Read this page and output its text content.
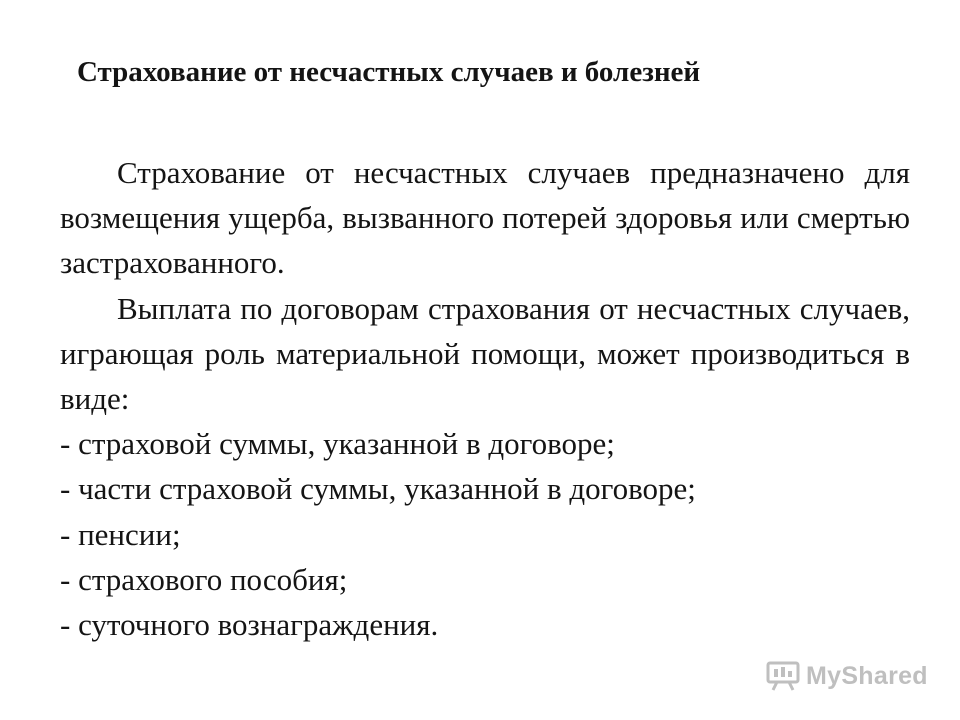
Страхование от несчастных случаев и болезней

Страхование от несчастных случаев предназначено для возмещения ущерба, вызванного потерей здоровья или смертью застрахованного.

Выплата по договорам страхования от несчастных случаев, играющая роль материальной помощи, может производиться в виде:

- страховой суммы, указанной в договоре;

- части страховой суммы, указанной в договоре;

- пенсии;

- страхового пособия;

- суточного вознаграждения.

MyShared
